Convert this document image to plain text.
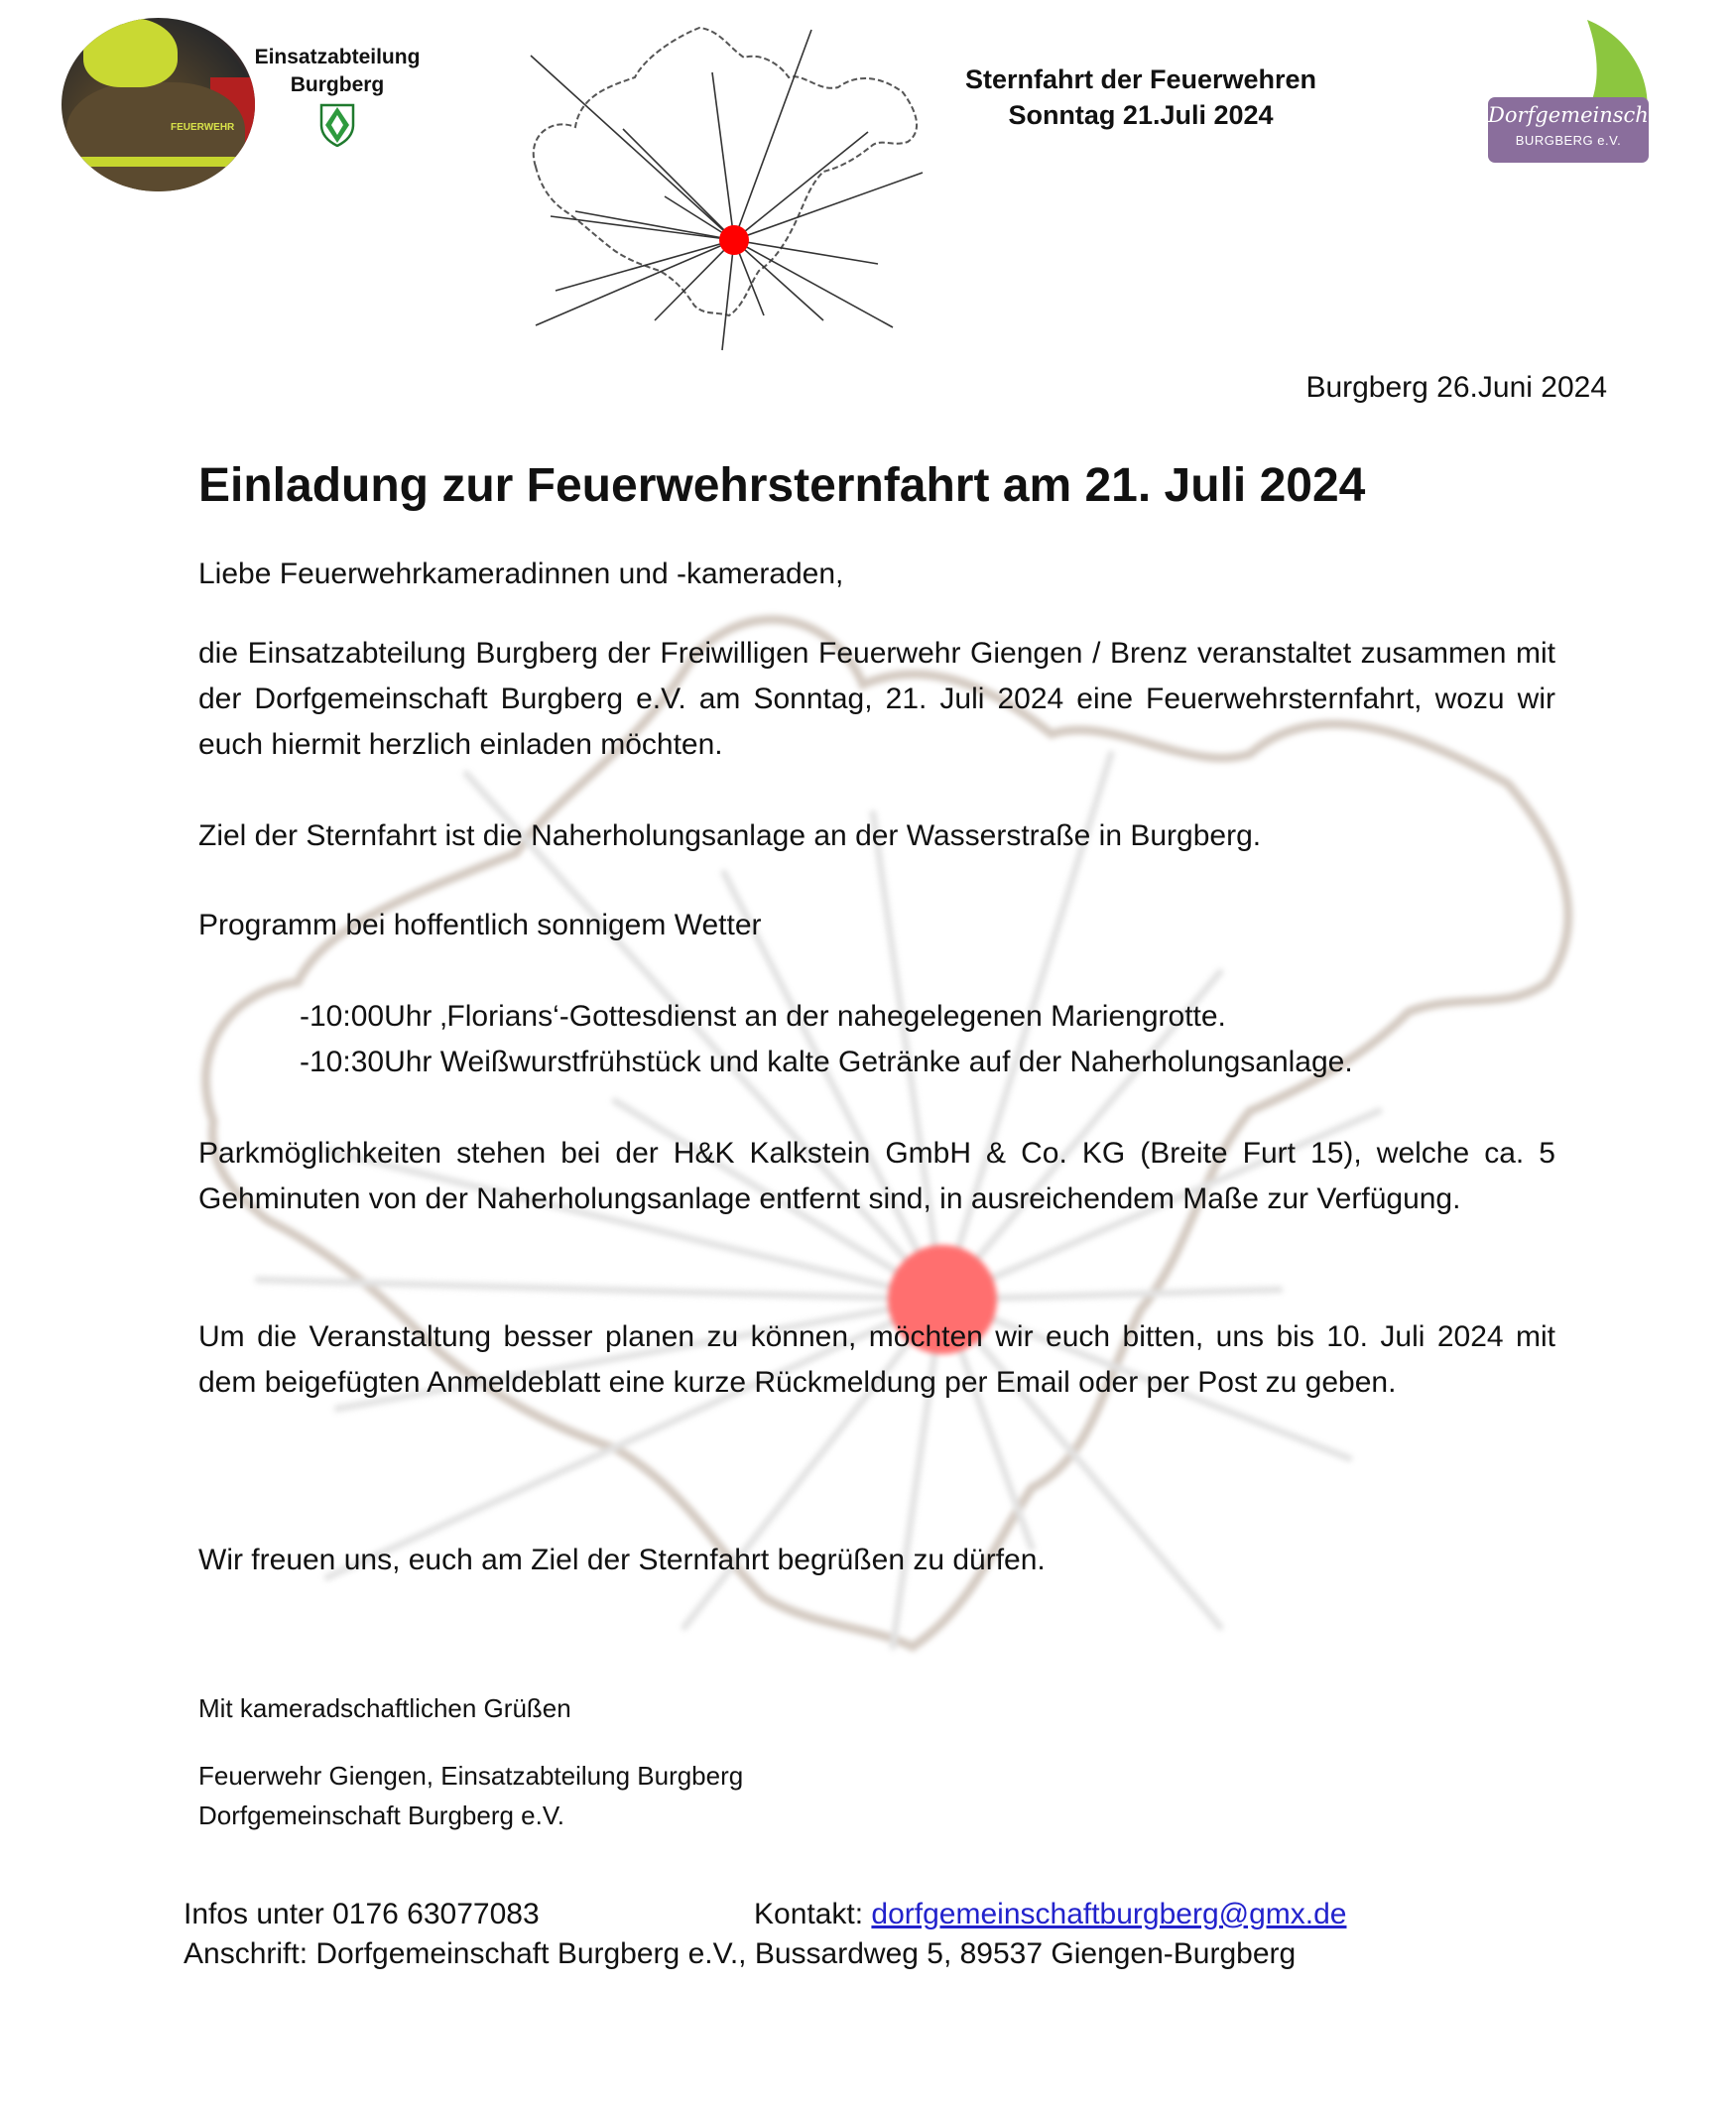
FEUERWEHR
Einsatzabteilung
Burgberg	Sternfahrt der Feuerwehren
Sonntag 21.Juli 2024	Dorfgemeinschaft
BURGBERG e.V.
Burgberg 26.Juni 2024
Einladung zur Feuerwehrsternfahrt am 21. Juli 2024
Liebe Feuerwehrkameradinnen und -kameraden,
die Einsatzabteilung Burgberg der Freiwilligen Feuerwehr Giengen / Brenz veranstaltet zusammen mit der Dorfgemeinschaft Burgberg e.V. am Sonntag, 21. Juli 2024 eine Feuerwehrsternfahrt, wozu wir euch hiermit herzlich einladen möchten.
Ziel der Sternfahrt ist die Naherholungsanlage an der Wasserstraße in Burgberg.
Programm bei hoffentlich sonnigem Wetter
-10:00Uhr ‚Florians‘-Gottesdienst an der nahegelegenen Mariengrotte.
-10:30Uhr Weißwurstfrühstück und kalte Getränke auf der Naherholungsanlage.
Parkmöglichkeiten stehen bei der H&K Kalkstein GmbH & Co. KG (Breite Furt 15), welche ca. 5 Gehminuten von der Naherholungsanlage entfernt sind, in ausreichendem Maße zur Verfügung.
Um die Veranstaltung besser planen zu können, möchten wir euch bitten, uns bis 10. Juli 2024 mit dem beigefügten Anmeldeblatt eine kurze Rückmeldung per Email oder per Post zu geben.
Wir freuen uns, euch am Ziel der Sternfahrt begrüßen zu dürfen.
Mit kameradschaftlichen Grüßen
Feuerwehr Giengen, Einsatzabteilung Burgberg
Dorfgemeinschaft Burgberg e.V.
Infos unter 0176 63077083	Kontakt: dorfgemeinschaftburgberg@gmx.de
Anschrift: Dorfgemeinschaft Burgberg e.V., Bussardweg 5, 89537 Giengen-Burgberg
